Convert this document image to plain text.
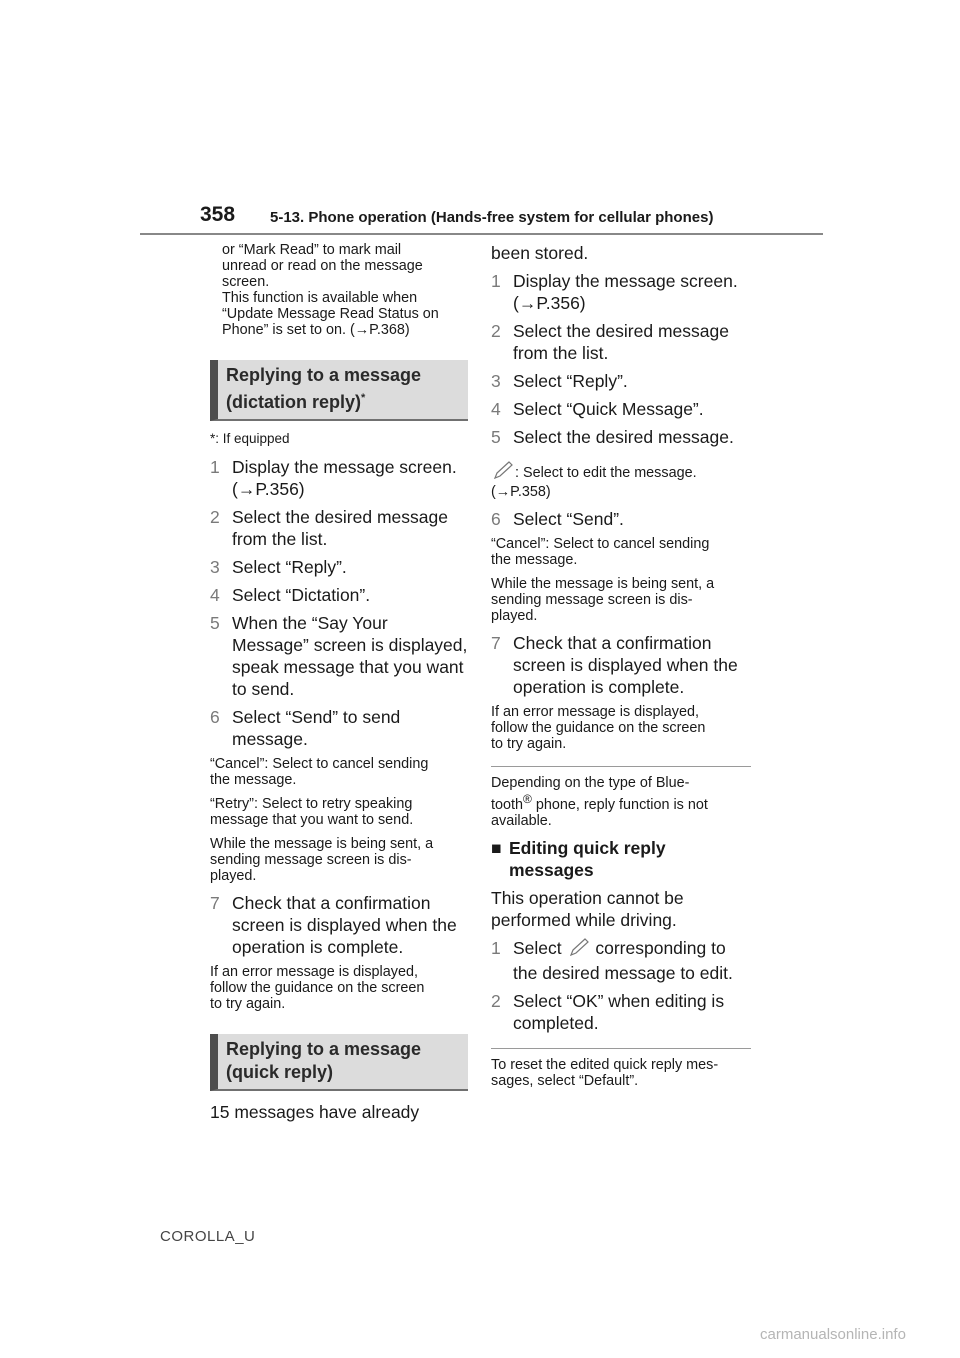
358 5-13. Phone operation (Hands-free system for cellular phones)
or “Mark Read” to mark mail
unread or read on the message
screen.
This function is available when
“Update Message Read Status on
Phone” is set to on. (→P.368)
Replying to a message
(dictation reply)*
*: If equipped
1 Display the message screen. (→P.356)
2 Select the desired message from the list.
3 Select “Reply”.
4 Select “Dictation”.
5 When the “Say Your Message” screen is displayed, speak message that you want to send.
6 Select “Send” to send message.
“Cancel”: Select to cancel sending
the message.
“Retry”: Select to retry speaking
message that you want to send.
While the message is being sent, a
sending message screen is dis-
played.
7 Check that a confirmation screen is displayed when the operation is complete.
If an error message is displayed,
follow the guidance on the screen
to try again.
Replying to a message
(quick reply)
15 messages have already
been stored.
1 Display the message screen. (→P.356)
2 Select the desired message from the list.
3 Select “Reply”.
4 Select “Quick Message”.
5 Select the desired message.
: Select to edit the message.
(→P.358)
6 Select “Send”.
“Cancel”: Select to cancel sending
the message.
While the message is being sent, a
sending message screen is dis-
played.
7 Check that a confirmation screen is displayed when the operation is complete.
If an error message is displayed,
follow the guidance on the screen
to try again.
Depending on the type of Blue-
tooth® phone, reply function is not
available.
■ Editing quick reply messages
This operation cannot be performed while driving.
1 Select  corresponding to the desired message to edit.
2 Select “OK” when editing is completed.
To reset the edited quick reply mes-
sages, select “Default”.
COROLLA_U
carmanualsonline.info
